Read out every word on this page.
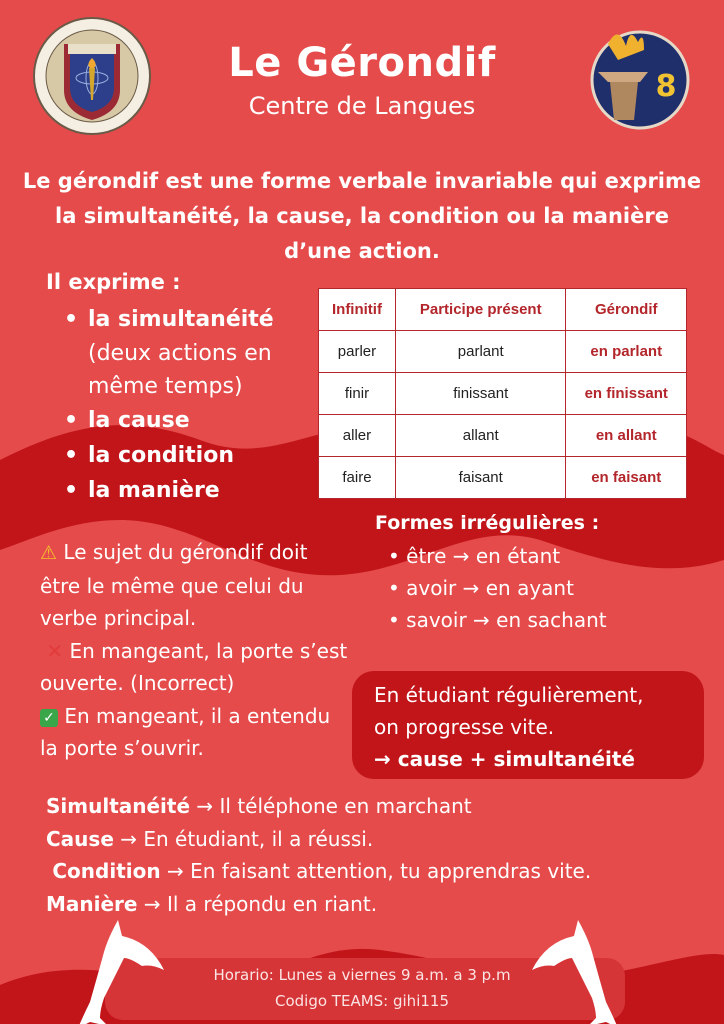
Le Gérondif
Centre de Langues
8
Le gérondif est une forme verbale invariable qui exprime la simultanéité, la cause, la condition ou la manière d’une action.
Il exprime :
• la simultanéité
(deux actions en même temps)
• la cause
• la condition
• la manière
Infinitif	Participe présent	Gérondif
parler	parlant	en parlant
finir	finissant	en finissant
aller	allant	en allant
faire	faisant	en faisant
Formes irrégulières :
• être → en étant
• avoir → en ayant
• savoir → en sachant
⚠ Le sujet du gérondif doit être le même que celui du verbe principal.
✕ En mangeant, la porte s’est ouverte. (Incorrect)
✓ En mangeant, il a entendu la porte s’ouvrir.
En étudiant régulièrement,
on progresse vite.
→ cause + simultanéité
Simultanéité → Il téléphone en marchant
Cause → En étudiant, il a réussi.
Condition → En faisant attention, tu apprendras vite.
Manière → Il a répondu en riant.
Horario: Lunes a viernes 9 a.m. a 3 p.m
Codigo TEAMS: gihi115
